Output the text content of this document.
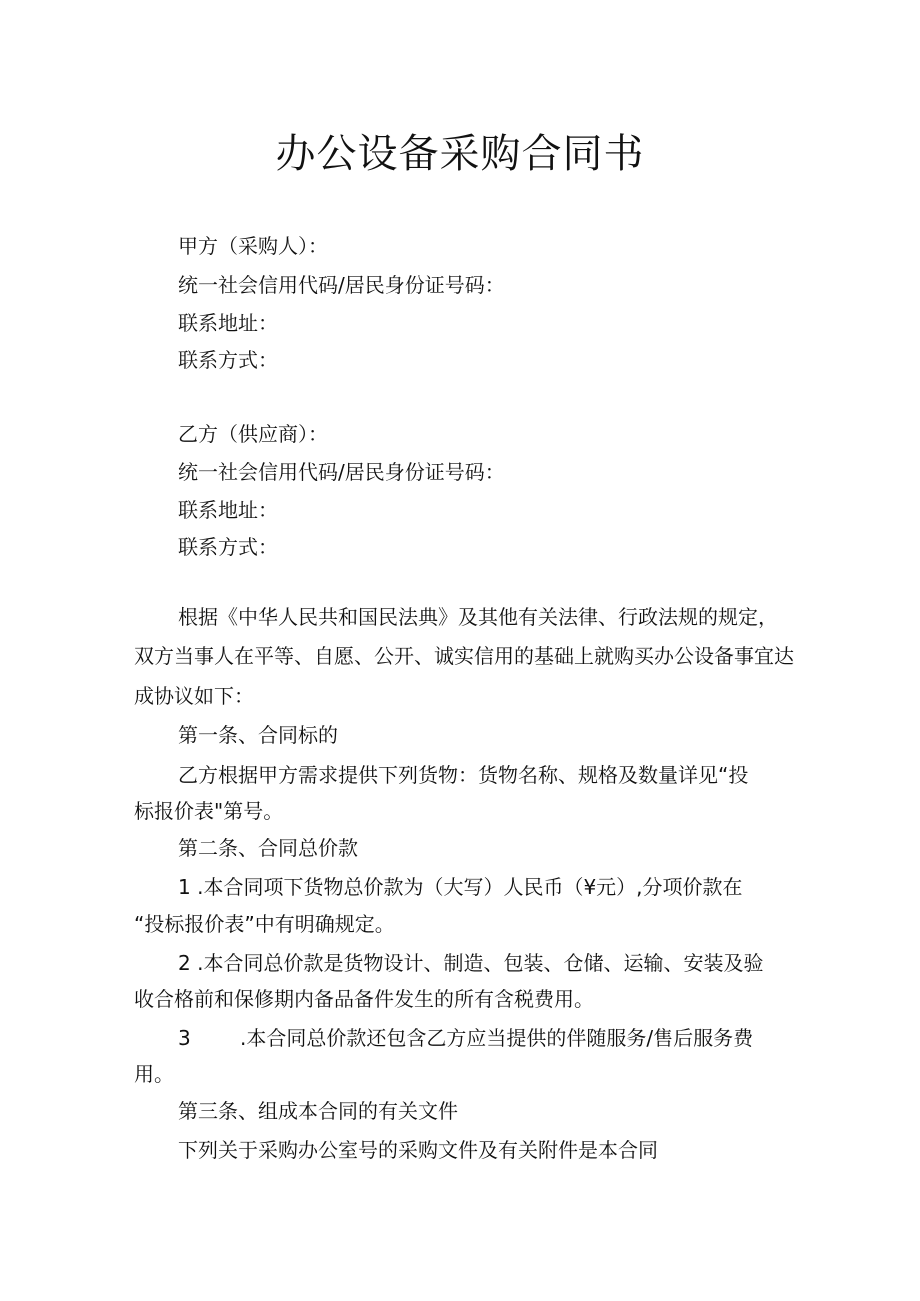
办公设备采购合同书

甲方（采购人）：

统一社会信用代码/居民身份证号码：

联系地址：

联系方式：

乙方（供应商）：

统一社会信用代码/居民身份证号码：

联系地址：

联系方式：

根据《中华人民共和国民法典》及其他有关法律、行政法规的规定，

双方当事人在平等、自愿、公开、诚实信用的基础上就购买办公设备事宜达

成协议如下：

第一条、合同标的

乙方根据甲方需求提供下列货物：货物名称、规格及数量详见“投

标报价表"第号。

第二条、合同总价款

1 .本合同项下货物总价款为（大写）人民币（¥元）,分项价款在

“投标报价表”中有明确规定。

2 .本合同总价款是货物设计、制造、包装、仓储、运输、安装及验

收合格前和保修期内备品备件发生的所有含税费用。

3 .本合同总价款还包含乙方应当提供的伴随服务/售后服务费

用。

第三条、组成本合同的有关文件

下列关于采购办公室号的采购文件及有关附件是本合同
